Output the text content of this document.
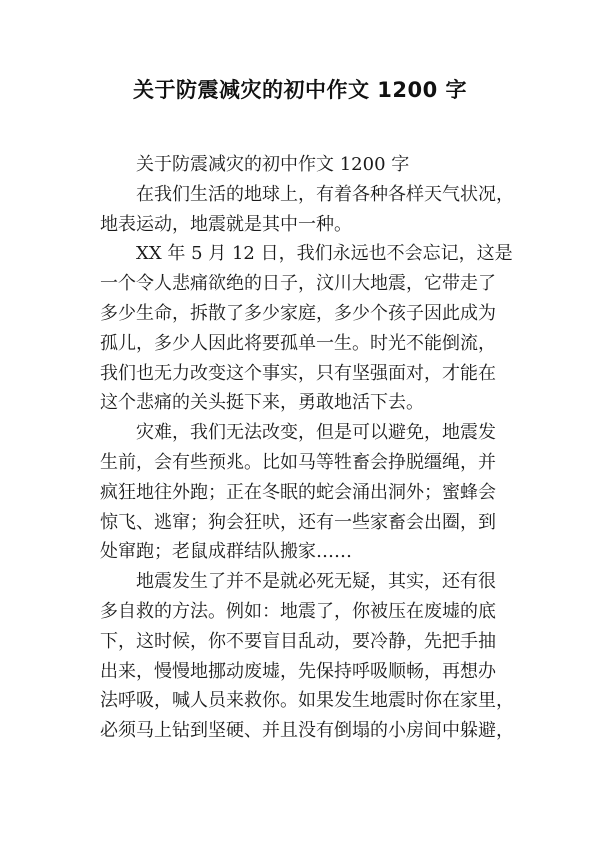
关于防震减灾的初中作文 1200 字
关于防震减灾的初中作文 1200 字
在我们生活的地球上，有着各种各样天气状况，
地表运动，地震就是其中一种。
XX 年 5 月 12 日，我们永远也不会忘记，这是
一个令人悲痛欲绝的日子，汶川大地震，它带走了
多少生命，拆散了多少家庭，多少个孩子因此成为
孤儿，多少人因此将要孤单一生。时光不能倒流，
我们也无力改变这个事实，只有坚强面对，才能在
这个悲痛的关头挺下来，勇敢地活下去。
灾难，我们无法改变，但是可以避免，地震发
生前，会有些预兆。比如马等牲畜会挣脱缰绳，并
疯狂地往外跑；正在冬眠的蛇会涌出洞外；蜜蜂会
惊飞、逃窜；狗会狂吠，还有一些家畜会出圈，到
处窜跑；老鼠成群结队搬家……
地震发生了并不是就必死无疑，其实，还有很
多自救的方法。例如：地震了，你被压在废墟的底
下，这时候，你不要盲目乱动，要冷静，先把手抽
出来，慢慢地挪动废墟，先保持呼吸顺畅，再想办
法呼吸，喊人员来救你。如果发生地震时你在家里，
必须马上钻到坚硬、并且没有倒塌的小房间中躲避，
